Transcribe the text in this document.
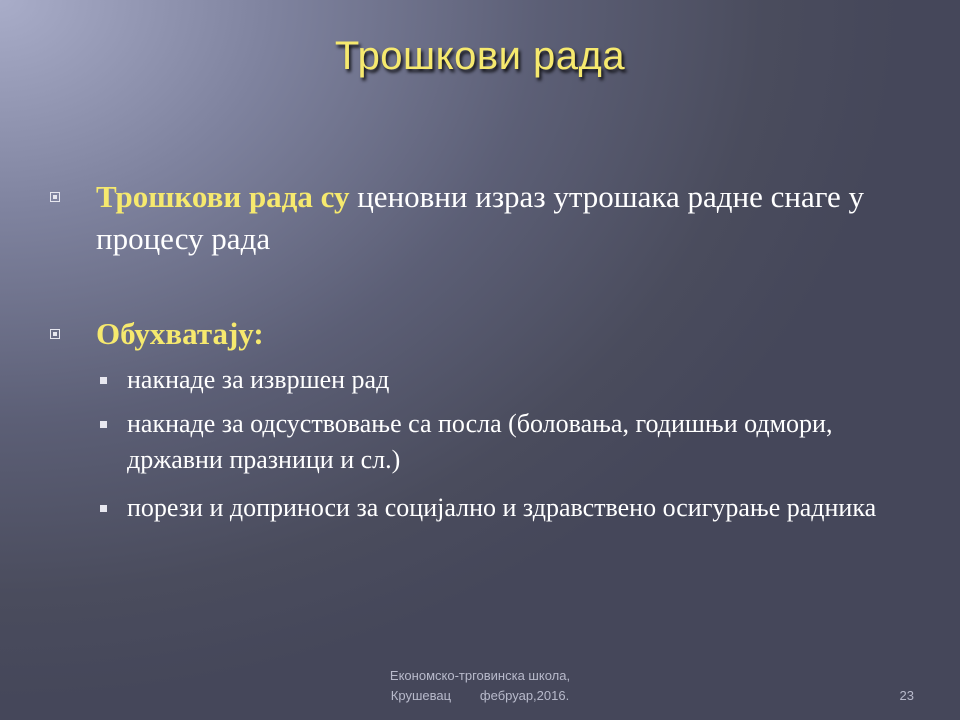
Трошкови рада
Трошкови рада су ценовни израз утрошака радне снаге у процесу рада
Обухватају:
накнаде за извршен рад
накнаде за одсуствовање са посла (боловања, годишњи одмори, државни празници и сл.)
порези и доприноси за социјално и здравствено осигурање радника
Економско-трговинска школа,
Крушевац        фебруар,2016.	23
